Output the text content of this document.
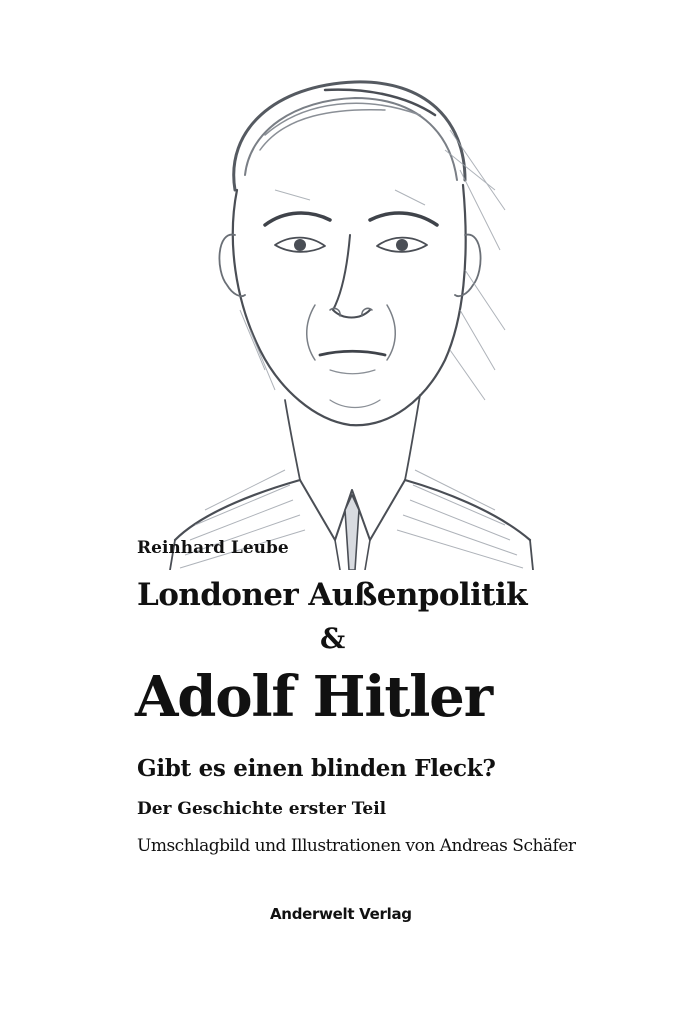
Reinhard Leube

Londoner Außenpolitik

&

Adolf Hitler

Gibt es einen blinden Fleck?

Der Geschichte erster Teil

Umschlagbild und Illustrationen von Andreas Schäfer

Anderwelt Verlag
